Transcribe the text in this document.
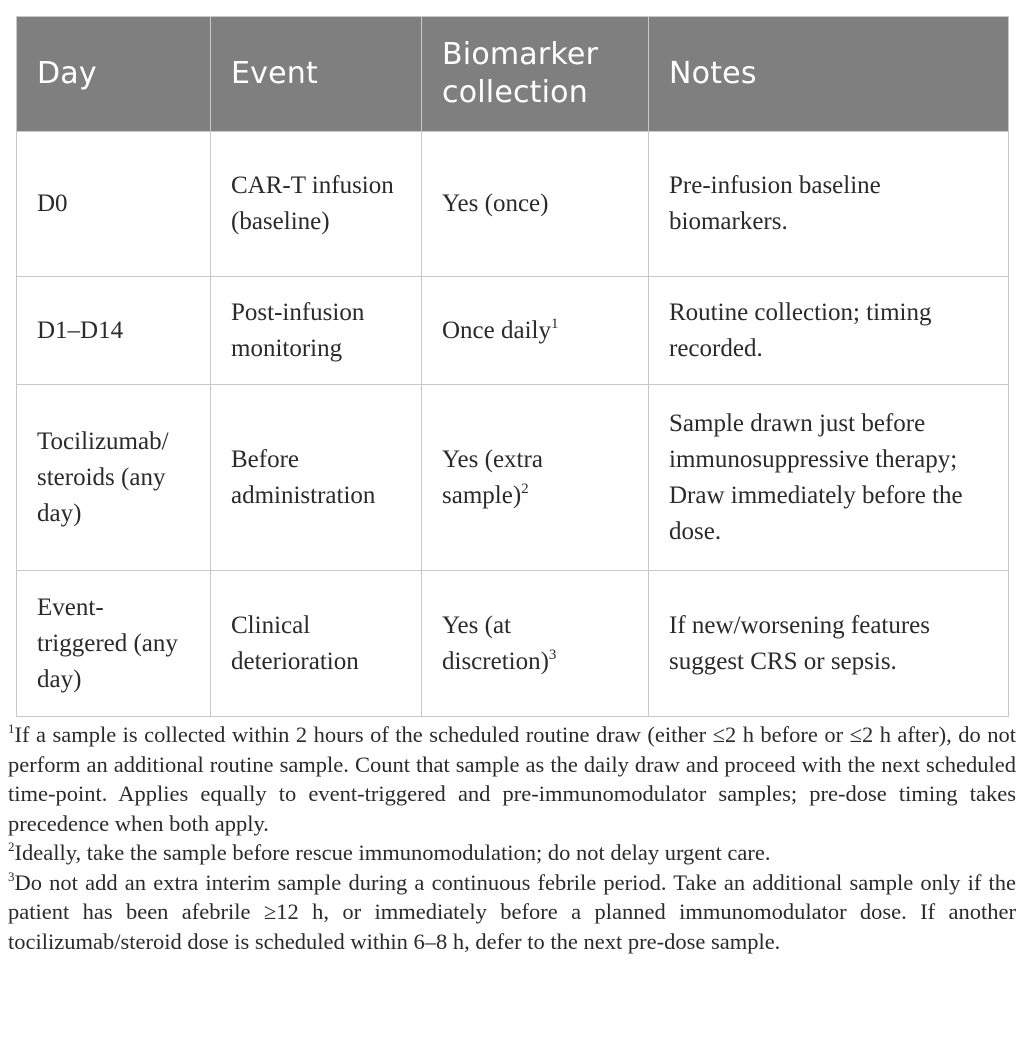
Day	Event	Biomarker collection	Notes
D0	CAR-T infusion (baseline)	Yes (once)	Pre-infusion baseline biomarkers.
D1–D14	Post-infusion monitoring	Once daily$^1$	Routine collection; timing recorded.
Tocilizumab/ steroids (any day)	Before administration	Yes (extra sample)$^2$	Sample drawn just before immunosuppressive therapy; Draw immediately before the dose.
Event-triggered (any day)	Clinical deterioration	Yes (at discretion)$^3$	If new/worsening features suggest CRS or sepsis.

$^1$If a sample is collected within 2 hours of the scheduled routine draw (either ≤2 h before or ≤2 h after), do not perform an additional routine sample. Count that sample as the daily draw and proceed with the next scheduled time-point. Applies equally to event-triggered and pre-immunomodulator samples; pre-dose timing takes precedence when both apply.

$^2$Ideally, take the sample before rescue immunomodulation; do not delay urgent care.

$^3$Do not add an extra interim sample during a continuous febrile period. Take an additional sample only if the patient has been afebrile ≥12 h, or immediately before a planned immunomodulator dose. If another tocilizumab/steroid dose is scheduled within 6–8 h, defer to the next pre-dose sample.
